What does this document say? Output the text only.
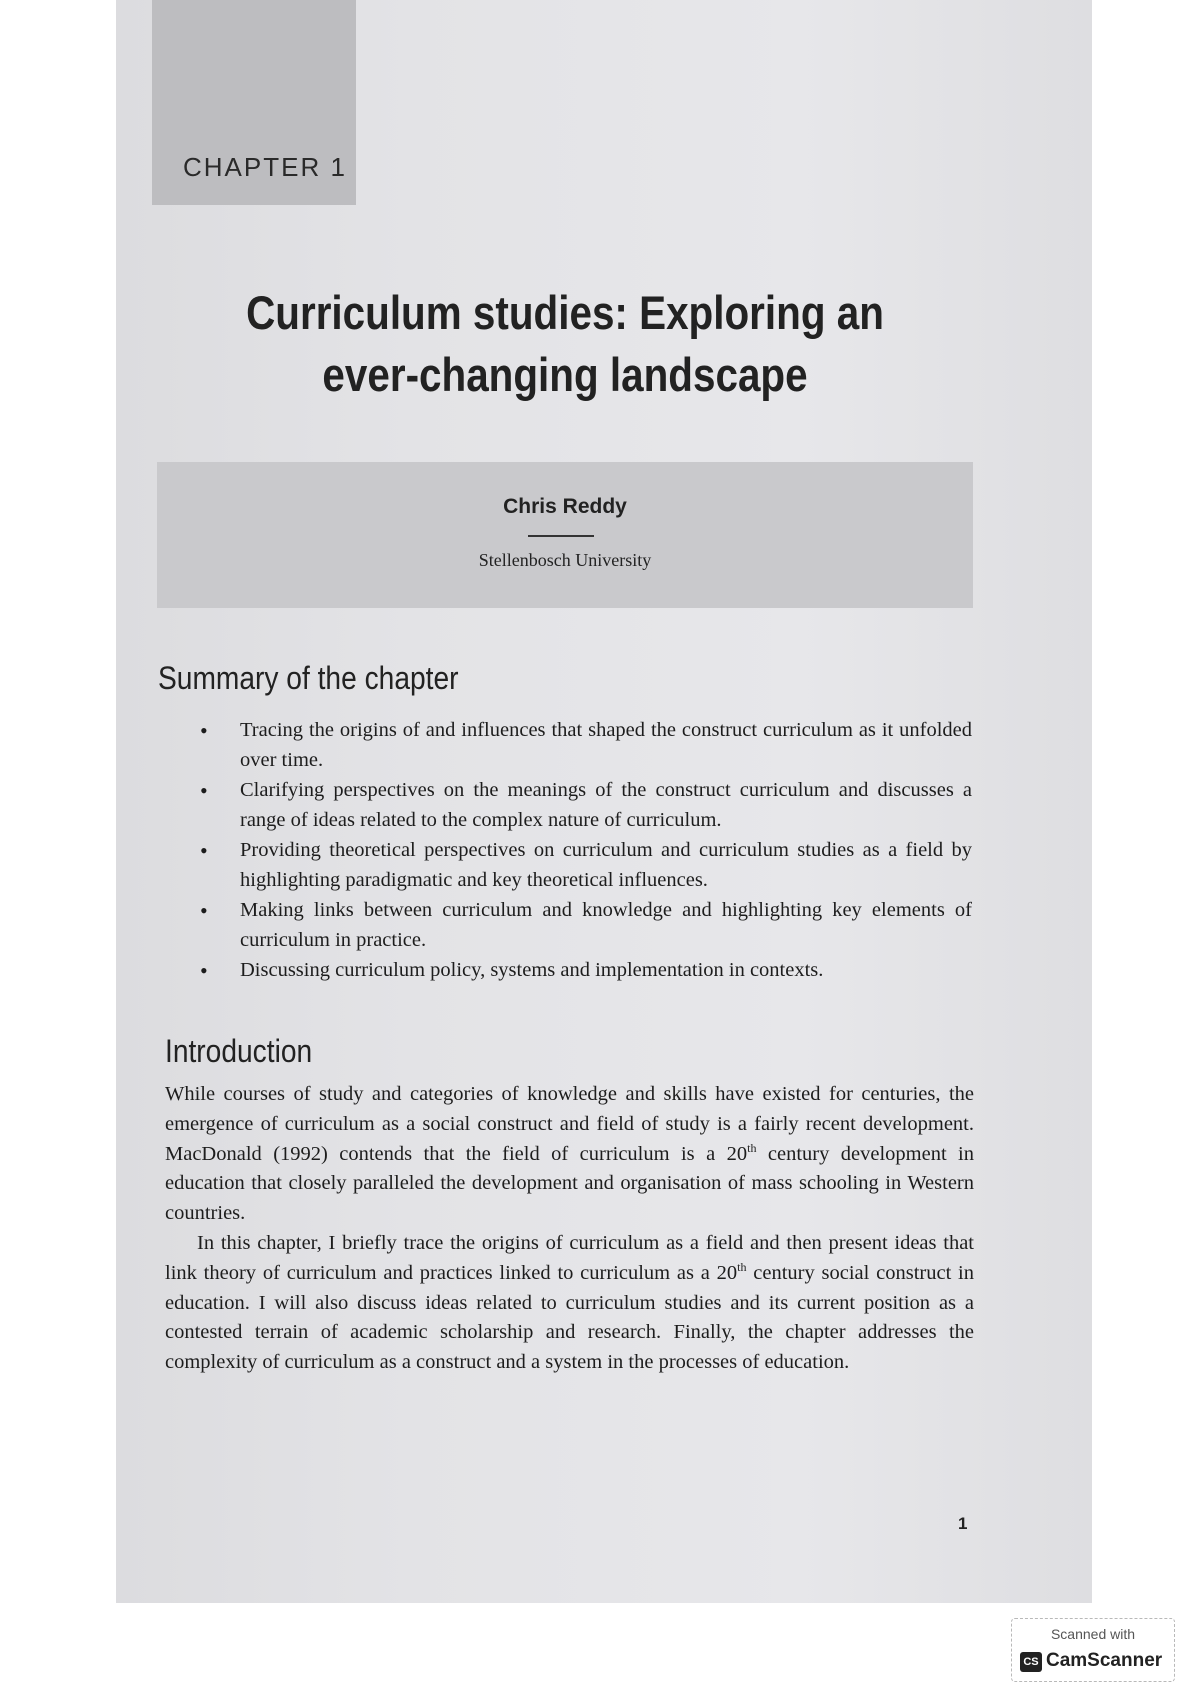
CHAPTER 1
Curriculum studies: Exploring an
ever-changing landscape
Chris Reddy
Stellenbosch University
Summary of the chapter
• Tracing the origins of and influences that shaped the construct curriculum as it unfolded over time.
• Clarifying perspectives on the meanings of the construct curriculum and discusses a range of ideas related to the complex nature of curriculum.
• Providing theoretical perspectives on curriculum and curriculum studies as a field by highlighting paradigmatic and key theoretical influences.
• Making links between curriculum and knowledge and highlighting key elements of curriculum in practice.
• Discussing curriculum policy, systems and implementation in contexts.
Introduction

While courses of study and categories of knowledge and skills have existed for centuries, the emergence of curriculum as a social construct and field of study is a fairly recent development. MacDonald (1992) contends that the field of curriculum is a 20th century development in education that closely paralleled the development and organisation of mass schooling in Western countries.

In this chapter, I briefly trace the origins of curriculum as a field and then present ideas that link theory of curriculum and practices linked to curriculum as a 20th century social construct in education. I will also discuss ideas related to curriculum studies and its current position as a contested terrain of academic scholarship and research. Finally, the chapter addresses the complexity of curriculum as a construct and a system in the processes of education.

1
Scanned with
CS CamScanner
